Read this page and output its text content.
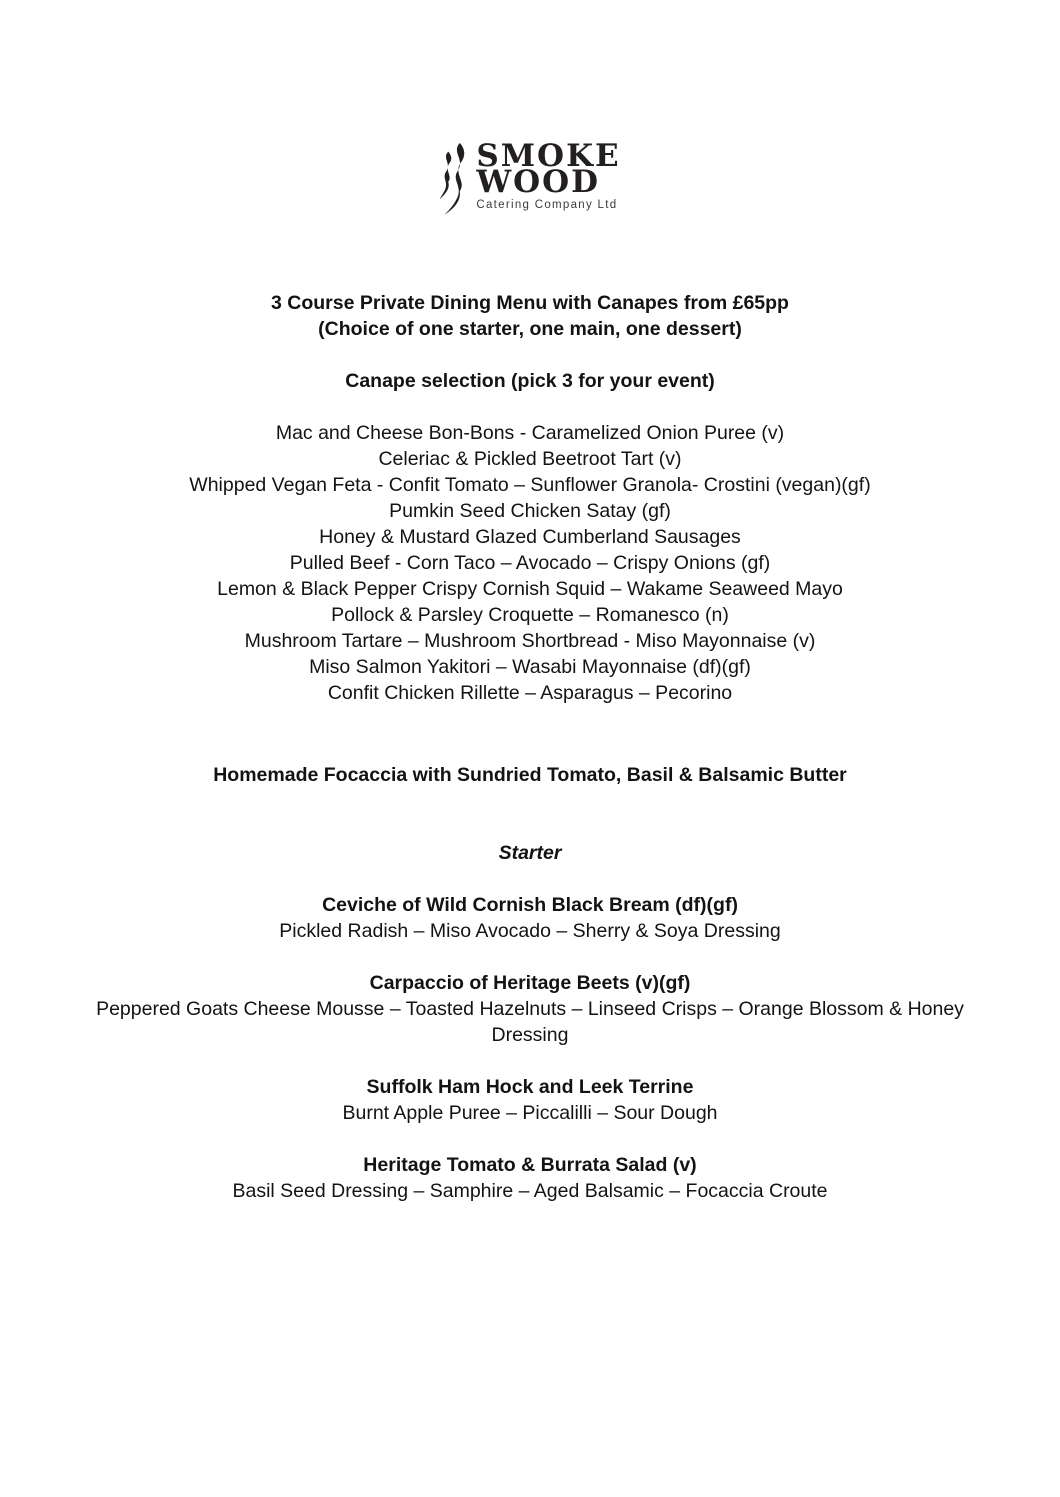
SMOKE
WOOD
Catering Company Ltd

3 Course Private Dining Menu with Canapes from £65pp

(Choice of one starter, one main, one dessert)

Canape selection (pick 3 for your event)

Mac and Cheese Bon-Bons - Caramelized Onion Puree (v)

Celeriac & Pickled Beetroot Tart (v)

Whipped Vegan Feta - Confit Tomato – Sunflower Granola- Crostini (vegan)(gf)

Pumkin Seed Chicken Satay (gf)

Honey & Mustard Glazed Cumberland Sausages

Pulled Beef - Corn Taco – Avocado – Crispy Onions (gf)

Lemon & Black Pepper Crispy Cornish Squid – Wakame Seaweed Mayo

Pollock & Parsley Croquette – Romanesco (n)

Mushroom Tartare – Mushroom Shortbread - Miso Mayonnaise (v)

Miso Salmon Yakitori – Wasabi Mayonnaise (df)(gf)

Confit Chicken Rillette – Asparagus – Pecorino

Homemade Focaccia with Sundried Tomato, Basil & Balsamic Butter

Starter

Ceviche of Wild Cornish Black Bream (df)(gf)

Pickled Radish – Miso Avocado – Sherry & Soya Dressing

Carpaccio of Heritage Beets (v)(gf)

Peppered Goats Cheese Mousse – Toasted Hazelnuts – Linseed Crisps – Orange Blossom & Honey Dressing

Suffolk Ham Hock and Leek Terrine

Burnt Apple Puree – Piccalilli – Sour Dough

Heritage Tomato & Burrata Salad (v)

Basil Seed Dressing – Samphire – Aged Balsamic – Focaccia Croute
